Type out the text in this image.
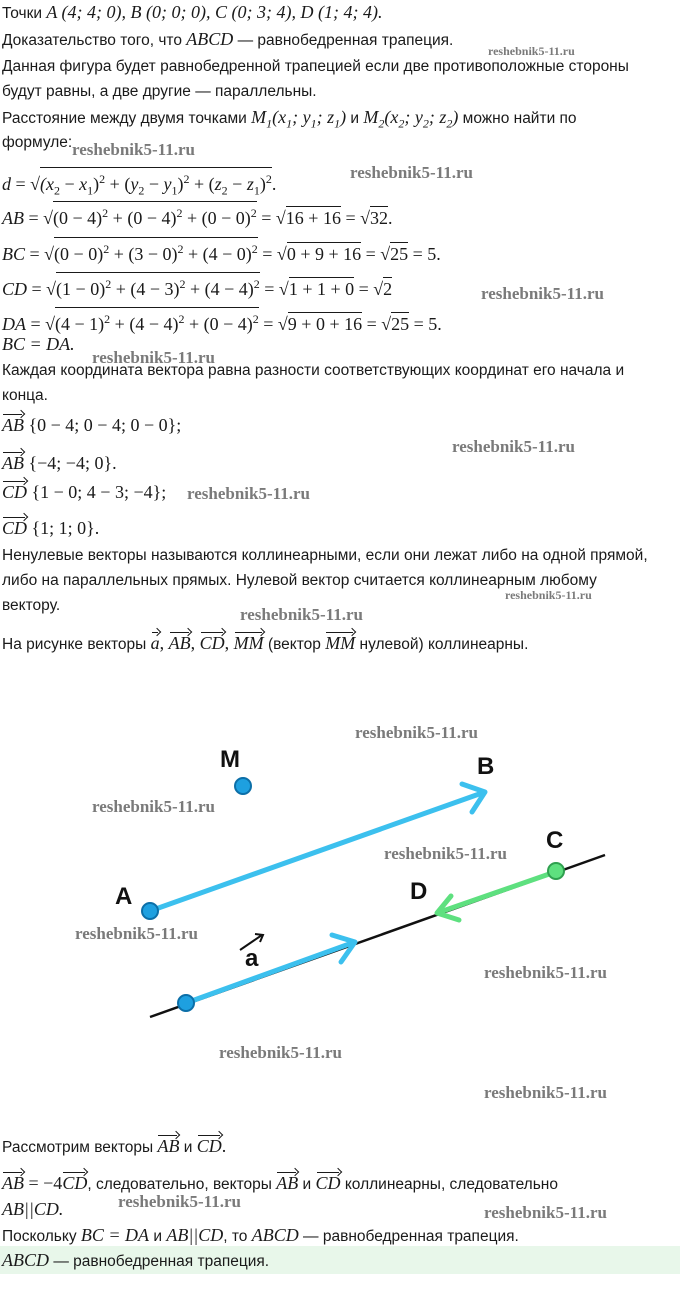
Точки A (4; 4; 0), B (0; 0; 0), C (0; 3; 4), D (1; 4; 4).
Доказательство того, что ABCD — равнобедренная трапеция.
Данная фигура будет равнобедренной трапецией если две противоположные стороны
будут равны, а две другие — параллельны.
Расстояние между двумя точками $M_1(x_1$; $y_1$; $z_1$) и $M_2(x_2$; $y_2$; $z_2$) можно найти по
формуле:
$d = √(x_2 - x_1)^2 + (y_2 - y_1)^2 + (z_2 - z_1)^2$.
AB = $√(0 - 4)^2 + (0 - 4)^2 + (0 - 0)^2 = √16 + 16 = √32$.
BC = $√(0 - 0)^2 + (3 - 0)^2 + (4 - 0)^2 = √0 + 9 + 16 = √25 = 5$.
CD = $√(1 - 0)^2 + (4 - 3)^2 + (4 - 4)^2 = √1 + 1 + 0 = √2$
DA = $√(4 - 1)^2 + (4 - 4)^2 + (0 - 4)^2 = √9 + 0 + 16 = √25 = 5$.
BC = DA.
Каждая координата вектора равна разности соответствующих координат его начала и
конца.
AB {0 − 4; 0 − 4; 0 − 0};
AB {−4; −4; 0}.
CD {1 − 0; 4 − 3; −4};
CD {1; 1; 0}.
Ненулевые векторы называются коллинеарными, если они лежат либо на одной прямой,
либо на параллельных прямых. Нулевой вектор считается коллинеарным любому
вектору.
На рисунке векторы a, AB, CD, MM (вектор MM нулевой) коллинеарны.
M	B
A
C
D
a
Рассмотрим векторы AB и CD.
AB = −4CD, следовательно, векторы AB и CD коллинеарны, следовательно
AB||CD.
Поскольку BC = DA и AB||CD, то ABCD — равнобедренная трапеция.
ABCD — равнобедренная трапеция.
reshebnik5-11.ru
reshebnik5-11.ru
reshebnik5-11.ru
reshebnik5-11.ru
reshebnik5-11.ru
reshebnik5-11.ru
reshebnik5-11.ru
reshebnik5-11.ru
reshebnik5-11.ru
reshebnik5-11.ru
reshebnik5-11.ru
reshebnik5-11.ru
reshebnik5-11.ru
reshebnik5-11.ru
reshebnik5-11.ru
reshebnik5-11.ru
reshebnik5-11.ru
reshebnik5-11.ru
